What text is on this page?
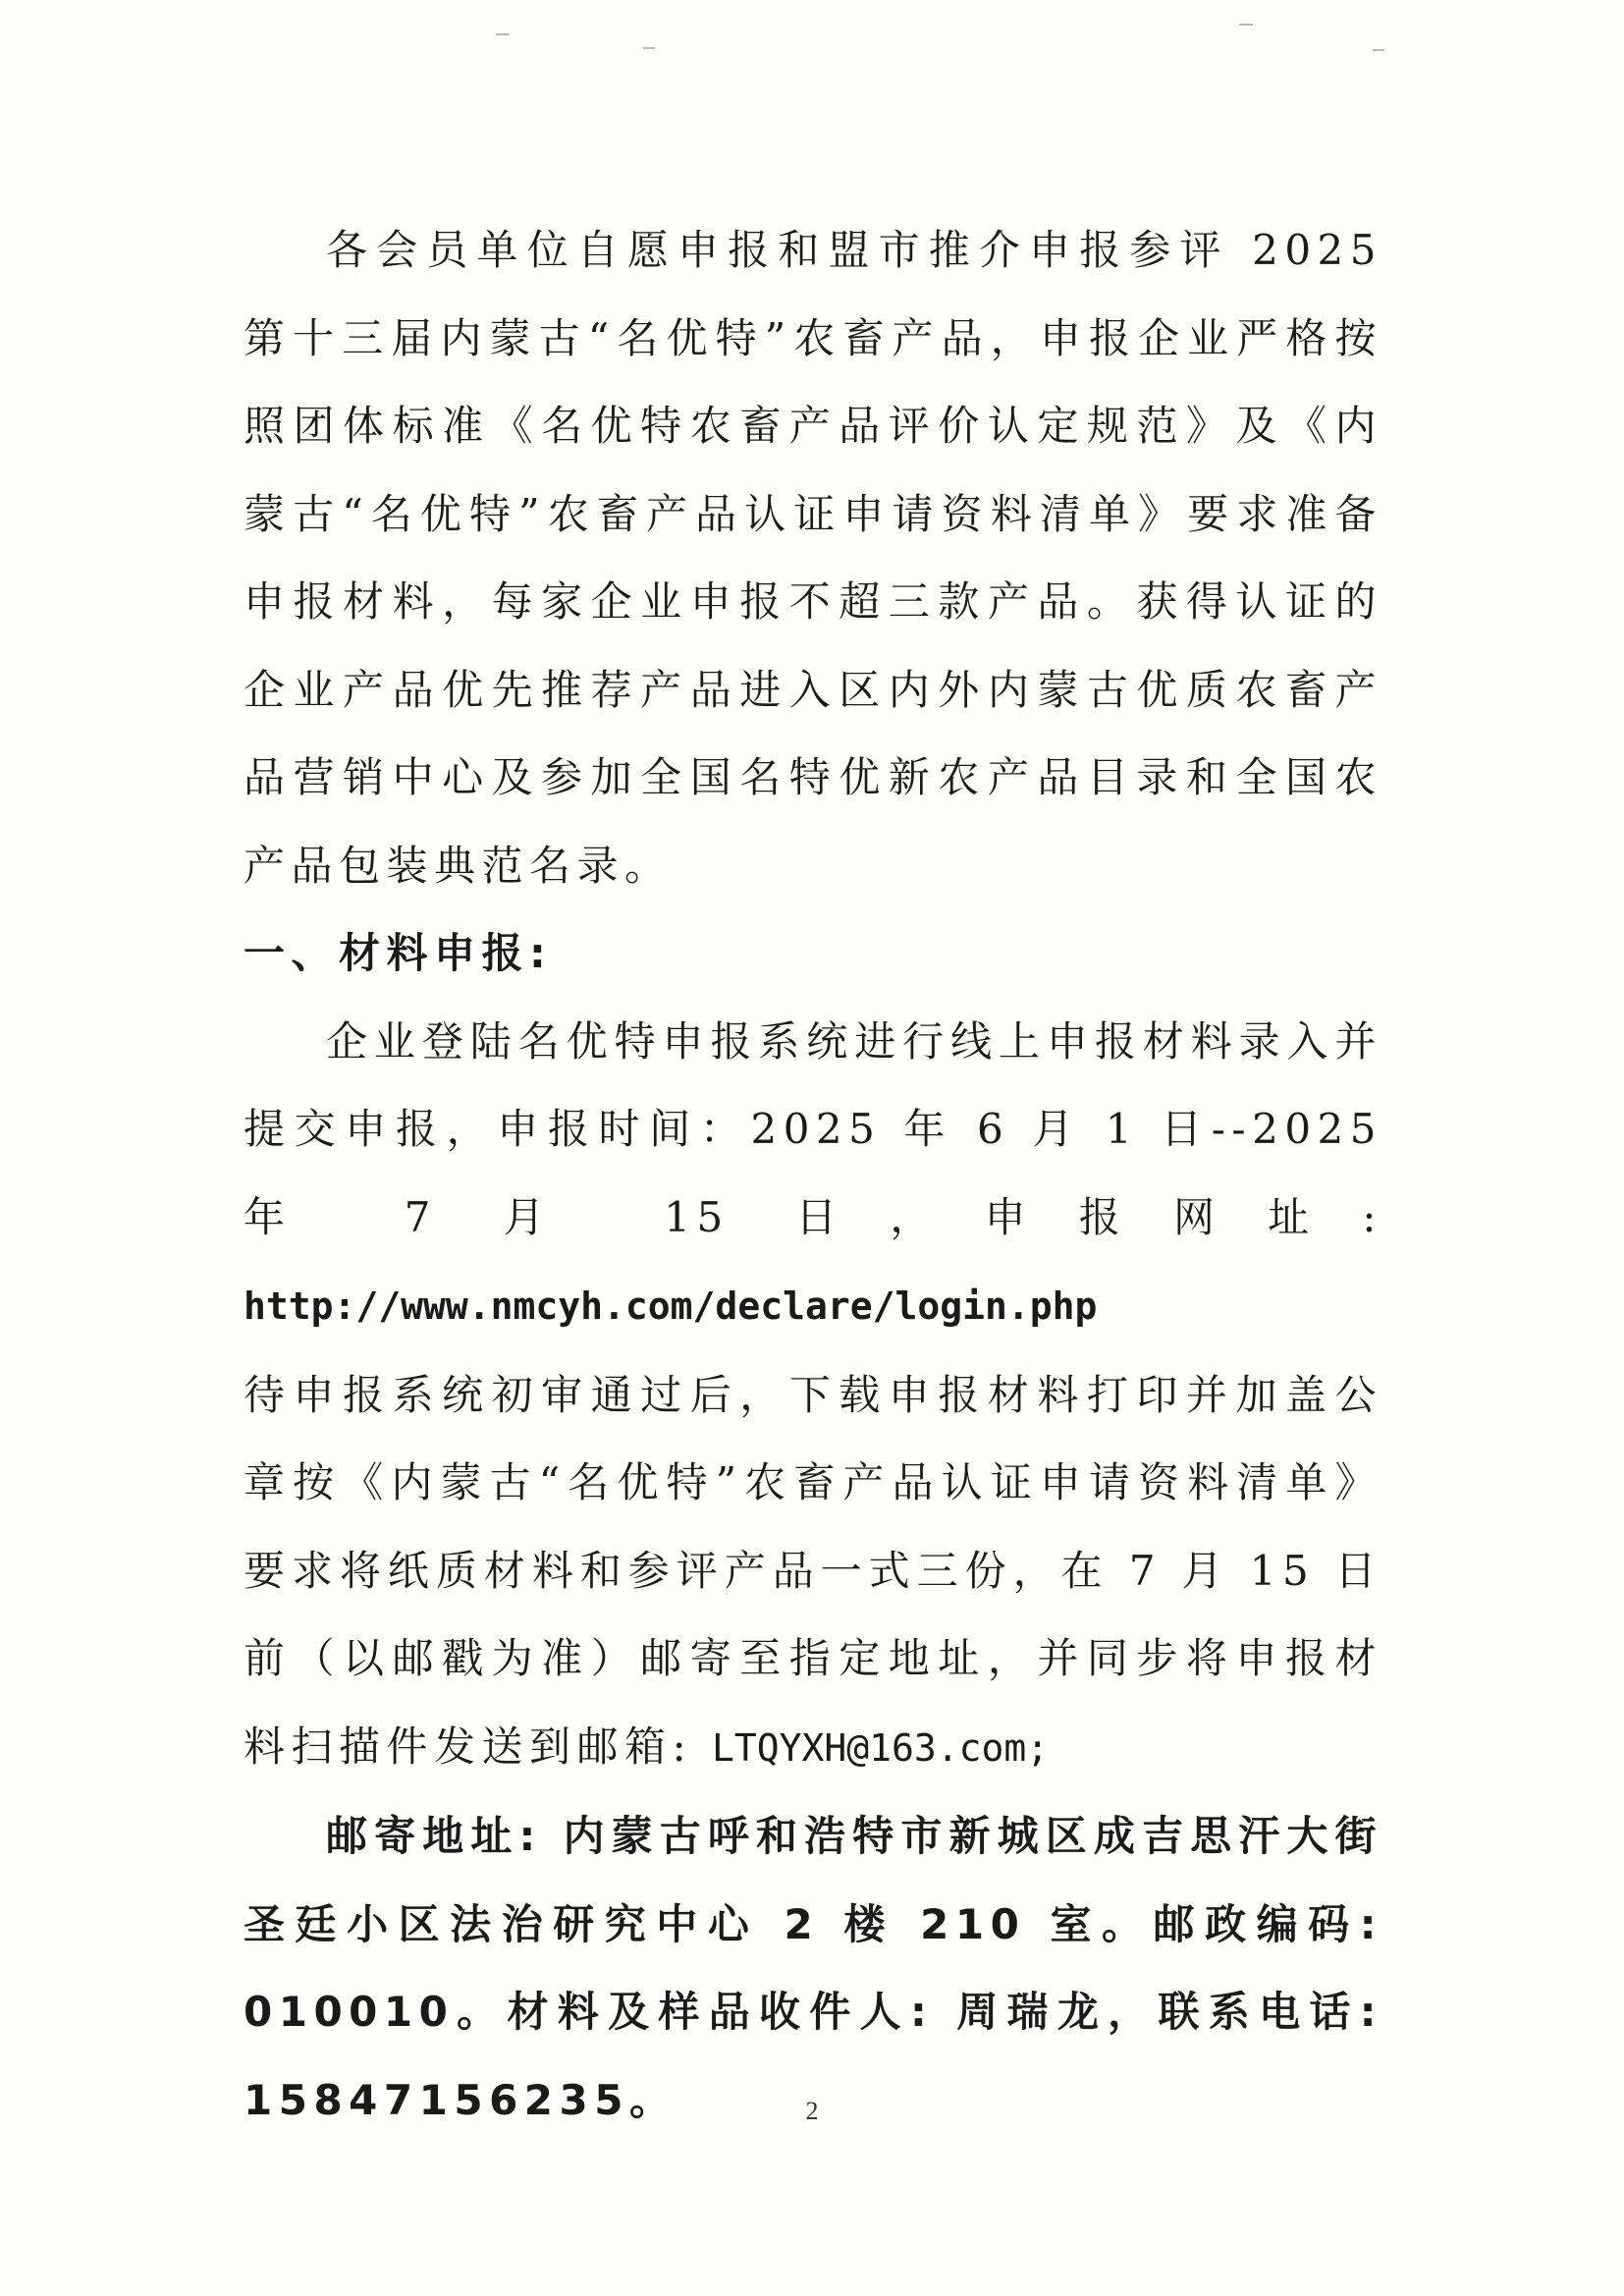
各会员单位自愿申报和盟市推介申报参评 2025 第十三届内蒙古“名优特”农畜产品，申报企业严格按照团体标准《名优特农畜产品评价认定规范》及《内蒙古“名优特”农畜产品认证申请资料清单》要求准备申报材料，每家企业申报不超三款产品。获得认证的企业产品优先推荐产品进入区内外内蒙古优质农畜产品营销中心及参加全国名特优新农产品目录和全国农产品包装典范名录。

一、材料申报:

企业登陆名优特申报系统进行线上申报材料录入并提交申报，申报时间：2025 年 6 月 1 日--2025 年 7 月 15 日，申报网址: http://www.nmcyh.com/declare/login.php

待申报系统初审通过后，下载申报材料打印并加盖公章按《内蒙古“名优特”农畜产品认证申请资料清单》要求将纸质材料和参评产品一式三份，在 7 月 15 日前（以邮戳为准）邮寄至指定地址，并同步将申报材料扫描件发送到邮箱: LTQYXH@163.com;

邮寄地址: 内蒙古呼和浩特市新城区成吉思汗大街圣廷小区法治研究中心 2 楼 210 室。邮政编码: 010010。材料及样品收件人: 周瑞龙，联系电话: 15847156235。	2
